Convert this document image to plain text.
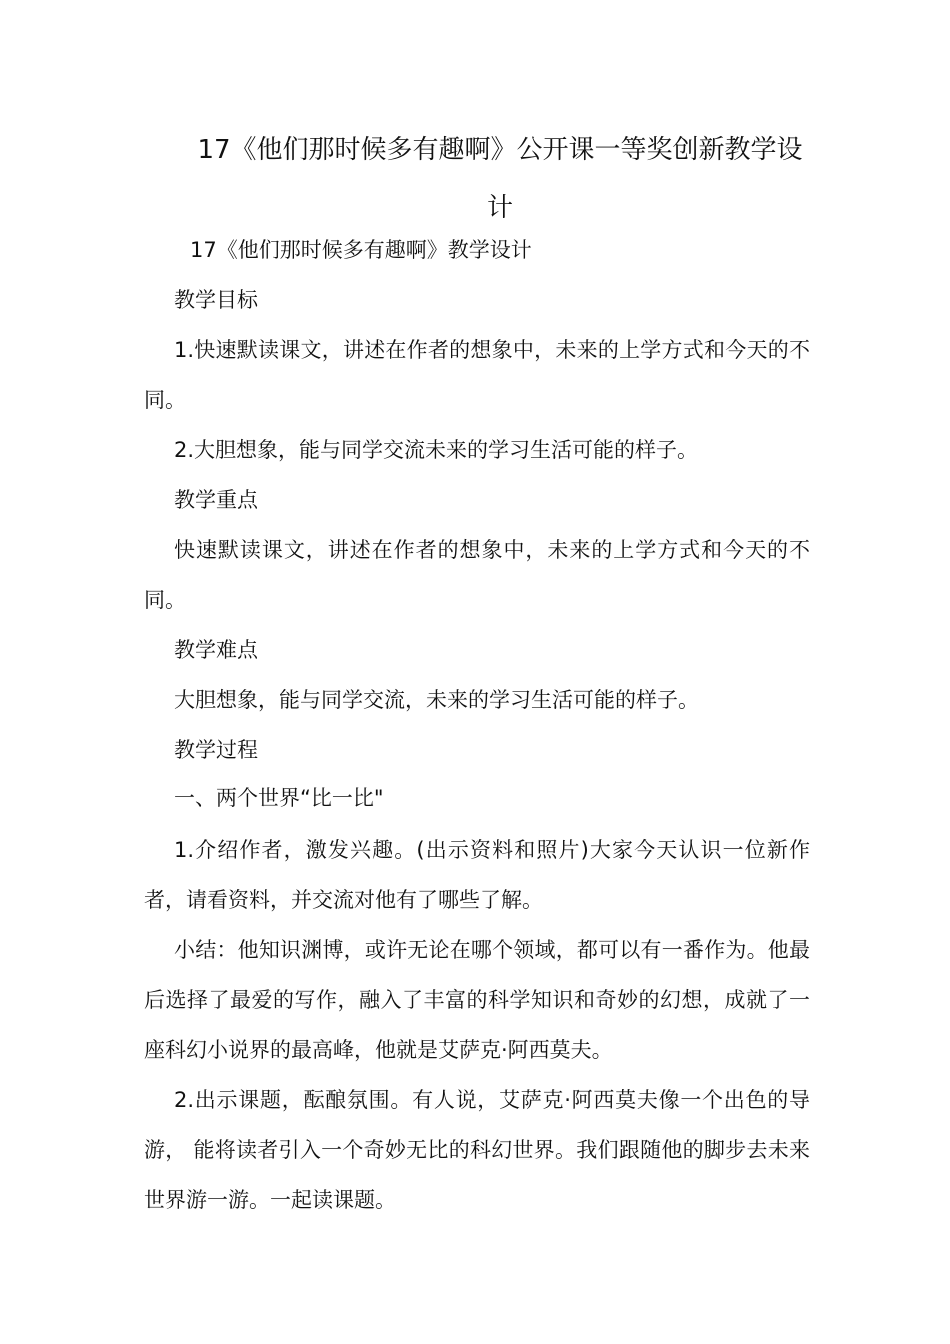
17《他们那时候多有趣啊》公开课一等奖创新教学设计

17《他们那时候多有趣啊》教学设计

教学目标

1.快速默读课文，讲述在作者的想象中，未来的上学方式和今天的不同。

2.大胆想象，能与同学交流未来的学习生活可能的样子。

教学重点

快速默读课文，讲述在作者的想象中，未来的上学方式和今天的不同。

教学难点

大胆想象，能与同学交流，未来的学习生活可能的样子。

教学过程

一、两个世界“比一比"

1.介绍作者，激发兴趣。(出示资料和照片)大家今天认识一位新作者，请看资料，并交流对他有了哪些了解。

小结：他知识渊博，或许无论在哪个领域，都可以有一番作为。他最后选择了最爱的写作，融入了丰富的科学知识和奇妙的幻想，成就了一座科幻小说界的最高峰，他就是艾萨克·阿西莫夫。

2.出示课题，酝酿氛围。有人说，艾萨克·阿西莫夫像一个出色的导游， 能将读者引入一个奇妙无比的科幻世界。我们跟随他的脚步去未来世界游一游。一起读课题。
